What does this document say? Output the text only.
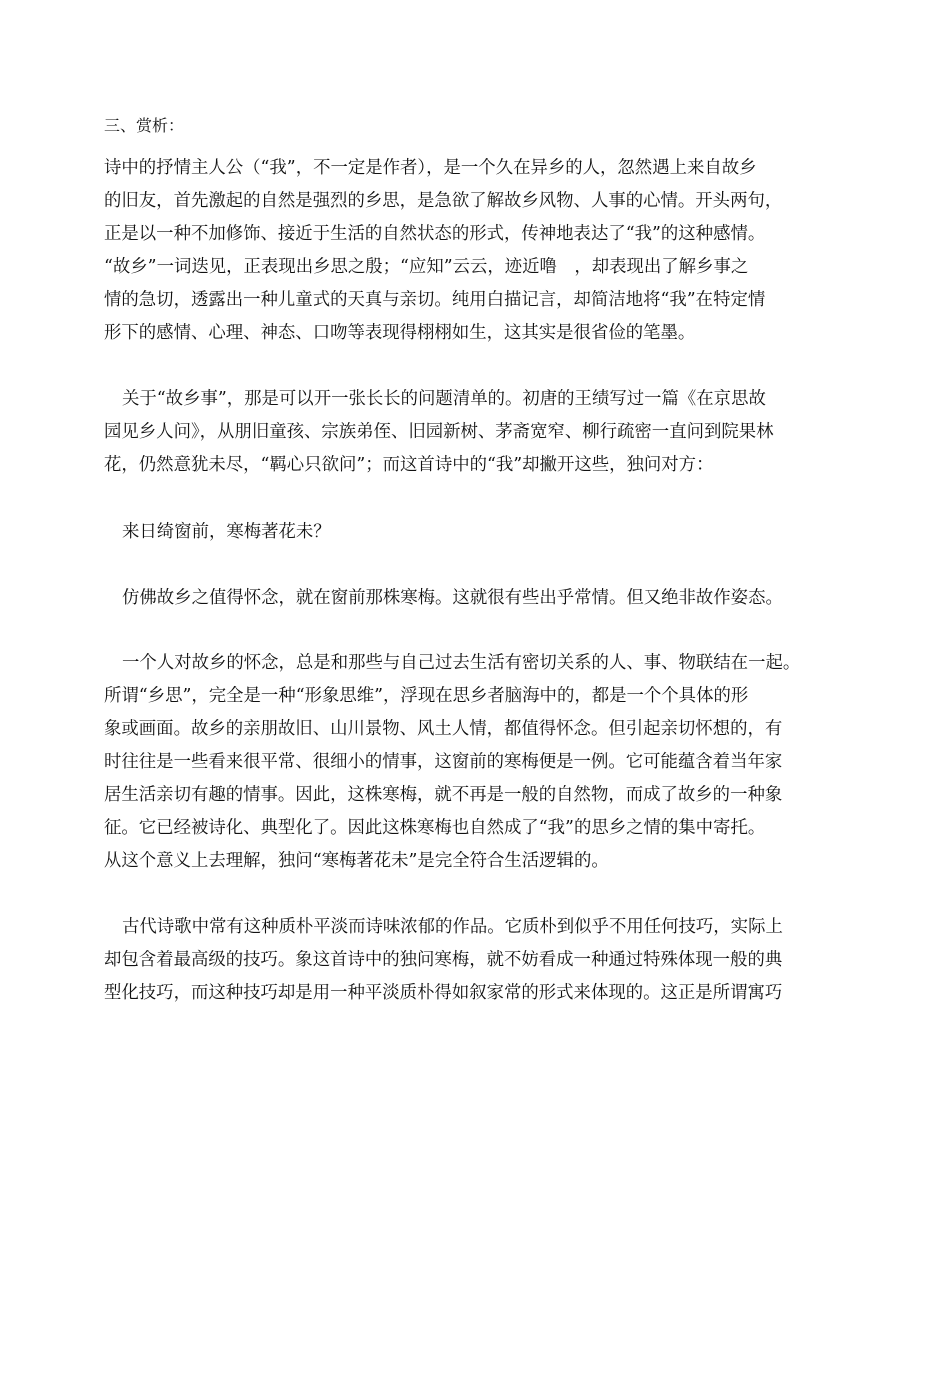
三、赏析：
诗中的抒情主人公（“我”，不一定是作者），是一个久在异乡的人，忽然遇上来自故乡
的旧友，首先激起的自然是强烈的乡思，是急欲了解故乡风物、人事的心情。开头两句，
正是以一种不加修饰、接近于生活的自然状态的形式，传神地表达了“我”的这种感情。
“故乡”一词迭见，正表现出乡思之殷；“应知”云云，迹近噜　，却表现出了解乡事之
情的急切，透露出一种儿童式的天真与亲切。纯用白描记言，却简洁地将“我”在特定情
形下的感情、心理、神态、口吻等表现得栩栩如生，这其实是很省俭的笔墨。
关于“故乡事”，那是可以开一张长长的问题清单的。初唐的王绩写过一篇《在京思故
园见乡人问》，从朋旧童孩、宗族弟侄、旧园新树、茅斋宽窄、柳行疏密一直问到院果林
花，仍然意犹未尽，“羁心只欲问”；而这首诗中的“我”却撇开这些，独问对方：
来日绮窗前，寒梅著花未？
仿佛故乡之值得怀念，就在窗前那株寒梅。这就很有些出乎常情。但又绝非故作姿态。
一个人对故乡的怀念，总是和那些与自己过去生活有密切关系的人、事、物联结在一起。
所谓“乡思”，完全是一种“形象思维”，浮现在思乡者脑海中的，都是一个个具体的形
象或画面。故乡的亲朋故旧、山川景物、风土人情，都值得怀念。但引起亲切怀想的，有
时往往是一些看来很平常、很细小的情事，这窗前的寒梅便是一例。它可能蕴含着当年家
居生活亲切有趣的情事。因此，这株寒梅，就不再是一般的自然物，而成了故乡的一种象
征。它已经被诗化、典型化了。因此这株寒梅也自然成了“我”的思乡之情的集中寄托。
从这个意义上去理解，独问“寒梅著花未”是完全符合生活逻辑的。
古代诗歌中常有这种质朴平淡而诗味浓郁的作品。它质朴到似乎不用任何技巧，实际上
却包含着最高级的技巧。象这首诗中的独问寒梅，就不妨看成一种通过特殊体现一般的典
型化技巧，而这种技巧却是用一种平淡质朴得如叙家常的形式来体现的。这正是所谓寓巧
